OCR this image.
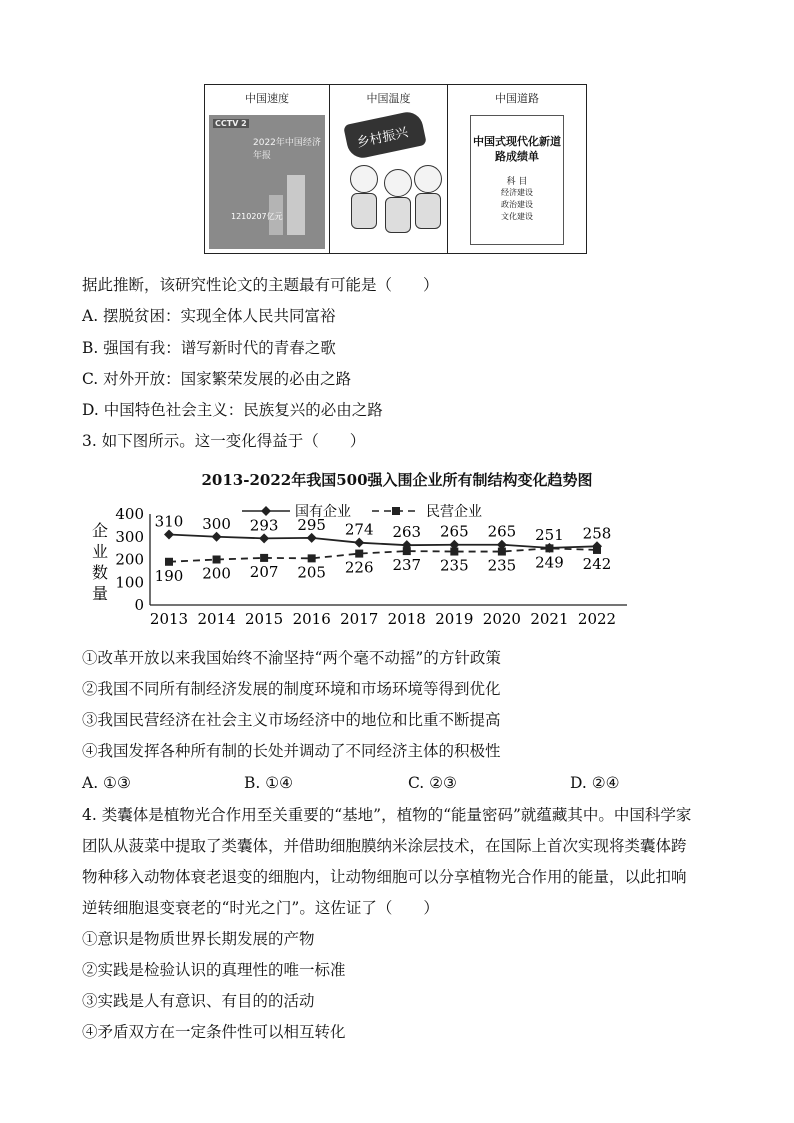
中国速度
CCTV 2
2022年中国经济年报
1210207亿元
中国温度
乡村振兴
中国道路
中国式现代化新道路成绩单
科 目
经济建设
政治建设
文化建设
据此推断，该研究性论文的主题最有可能是（　　）
A. 摆脱贫困：实现全体人民共同富裕
B. 强国有我：谱写新时代的青春之歌
C. 对外开放：国家繁荣发展的必由之路
D. 中国特色社会主义：民族复兴的必由之路
3. 如下图所示。这一变化得益于（　　）
2013-2022年我国500强入围企业所有制结构变化趋势图
0
100
200
300
400
企
业
数
量
2013 2014 2015 2016 2017 2018 2019 2020 2021 2022
国有企业	民营企业
310 300 293 295 274 263 265 265 251 258
190 200 207 205 226 237 235 235 249 242
①改革开放以来我国始终不渝坚持“两个毫不动摇”的方针政策
②我国不同所有制经济发展的制度环境和市场环境等得到优化
③我国民营经济在社会主义市场经济中的地位和比重不断提高
④我国发挥各种所有制的长处并调动了不同经济主体的积极性
A. ①③	B. ①④	C. ②③	D. ②④
4. 类囊体是植物光合作用至关重要的“基地”，植物的“能量密码”就蕴藏其中。中国科学家
团队从菠菜中提取了类囊体，并借助细胞膜纳米涂层技术，在国际上首次实现将类囊体跨
物种移入动物体衰老退变的细胞内，让动物细胞可以分享植物光合作用的能量，以此扣响
逆转细胞退变衰老的“时光之门”。这佐证了（　　）
①意识是物质世界长期发展的产物
②实践是检验认识的真理性的唯一标准
③实践是人有意识、有目的的活动
④矛盾双方在一定条件性可以相互转化
